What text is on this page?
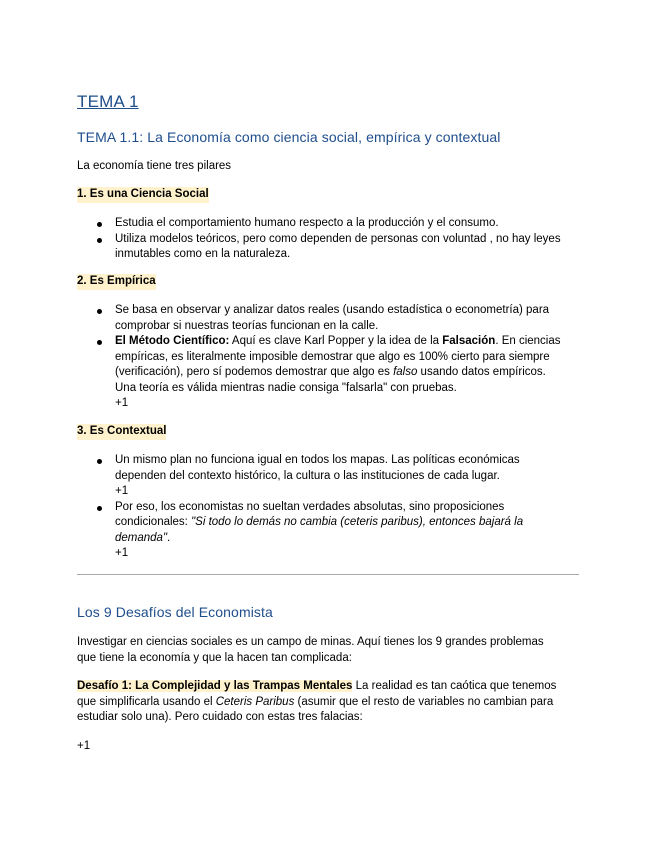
TEMA 1
TEMA 1.1: La Economía como ciencia social, empírica y contextual
La economía tiene tres pilares
1. Es una Ciencia Social
Estudia el comportamiento humano respecto a la producción y el consumo.
Utiliza modelos teóricos, pero como dependen de personas con voluntad , no hay leyes
inmutables como en la naturaleza.
2. Es Empírica
Se basa en observar y analizar datos reales (usando estadística o econometría) para
comprobar si nuestras teorías funcionan en la calle.
El Método Científico: Aquí es clave Karl Popper y la idea de la Falsación. En ciencias
empíricas, es literalmente imposible demostrar que algo es 100% cierto para siempre
(verificación), pero sí podemos demostrar que algo es falso usando datos empíricos.
Una teoría es válida mientras nadie consiga "falsarla" con pruebas.
+1
3. Es Contextual
Un mismo plan no funciona igual en todos los mapas. Las políticas económicas
dependen del contexto histórico, la cultura o las instituciones de cada lugar.
+1
Por eso, los economistas no sueltan verdades absolutas, sino proposiciones
condicionales: "Si todo lo demás no cambia (ceteris paribus), entonces bajará la
demanda".
+1
Los 9 Desafíos del Economista
Investigar en ciencias sociales es un campo de minas. Aquí tienes los 9 grandes problemas
que tiene la economía y que la hacen tan complicada:
Desafío 1: La Complejidad y las Trampas Mentales La realidad es tan caótica que tenemos
que simplificarla usando el Ceteris Paribus (asumir que el resto de variables no cambian para
estudiar solo una). Pero cuidado con estas tres falacias:
+1
